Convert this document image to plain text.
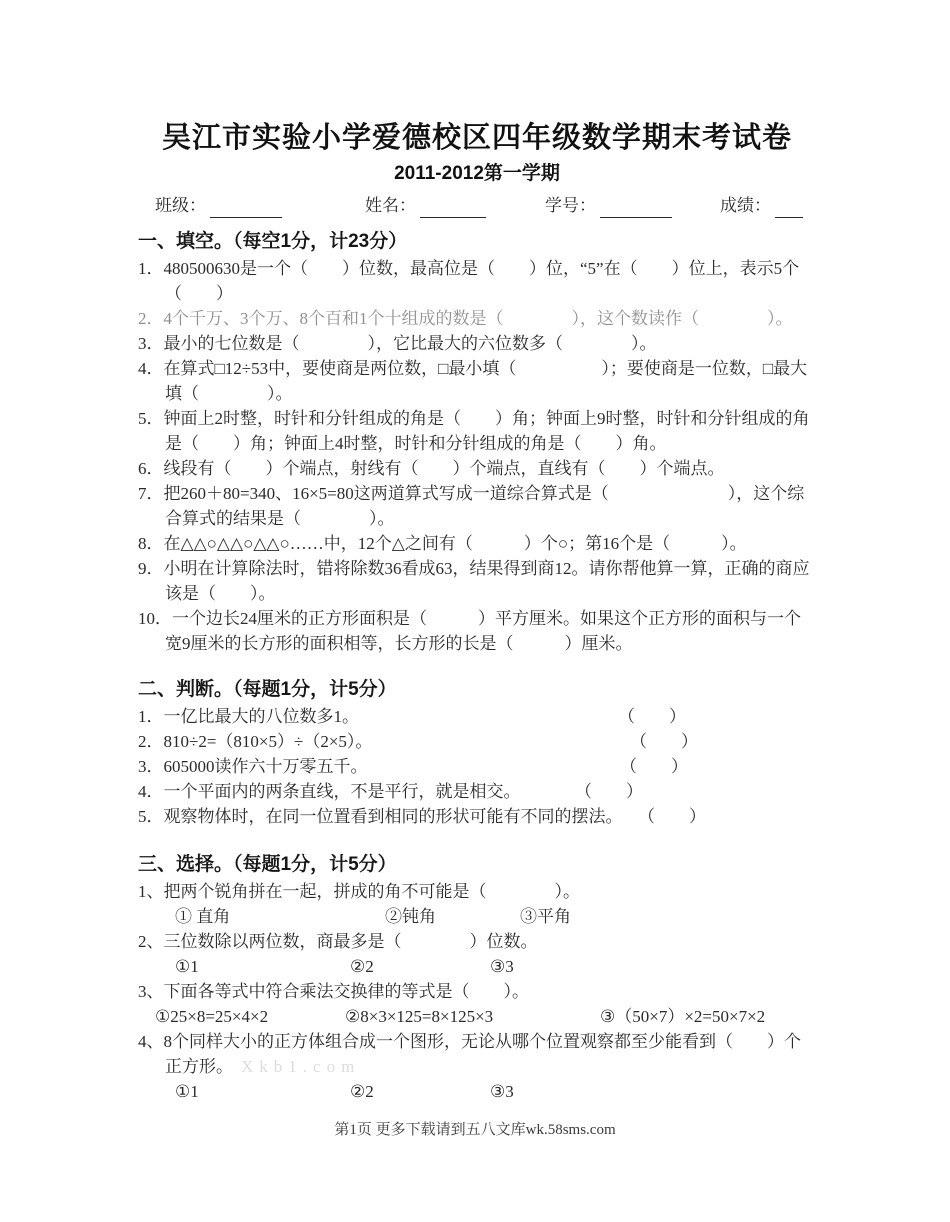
吴江市实验小学爱德校区四年级数学期末考试卷
2011-2012第一学期
班级：	姓名：	学号：	成绩：
一、填空。（每空1分，计23分）
1．480500630是一个（　　）位数，最高位是（　　）位，“5”在（　　）位上，表示5个（　　）
2．4个千万、3个万、8个百和1个十组成的数是（　　　　），这个数读作（　　　　）。
3．最小的七位数是（　　　　），它比最大的六位数多（　　　　）。
4．在算式□12÷53中，要使商是两位数，□最小填（　　　　　）；要使商是一位数，□最大填（　　　　）。
5．钟面上2时整，时针和分针组成的角是（　　）角；钟面上9时整，时针和分针组成的角是（　　）角；钟面上4时整，时针和分针组成的角是（　　）角。
6．线段有（　　）个端点，射线有（　　）个端点，直线有（　　）个端点。
7．把260＋80=340、16×5=80这两道算式写成一道综合算式是（　　　　　　　），这个综合算式的结果是（　　　　）。
8．在△△○△△○△△○……中，12个△之间有（　　　）个○；第16个是（　　　）。
9．小明在计算除法时，错将除数36看成63，结果得到商12。请你帮他算一算，正确的商应该是（　　）。
10．一个边长24厘米的正方形面积是（　　　）平方厘米。如果这个正方形的面积与一个宽9厘米的长方形的面积相等，长方形的长是（　　　）厘米。
二、判断。（每题1分，计5分）
1．一亿比最大的八位数多1。	（　　）
2．810÷2=（810×5）÷（2×5）。	（　　）
3．605000读作六十万零五千。	（　　）
4．一个平面内的两条直线，不是平行，就是相交。	（　　）
5．观察物体时，在同一位置看到相同的形状可能有不同的摆法。 （　　）
三、选择。（每题1分，计5分）
1、把两个锐角拼在一起，拼成的角不可能是（　　　　）。
① 直角	②钝角	③平角
2、三位数除以两位数，商最多是（　　　　）位数。
①1	②2	③3
3、下面各等式中符合乘法交换律的等式是（　　）。
①25×8=25×4×2	②8×3×125=8×125×3	③（50×7）×2=50×7×2
4、8个同样大小的正方体组合成一个图形，无论从哪个位置观察都至少能看到（　　）个正方形。 Xkb1.com
①1	②2	③3
第1页 更多下载请到五八文库wk.58sms.com
